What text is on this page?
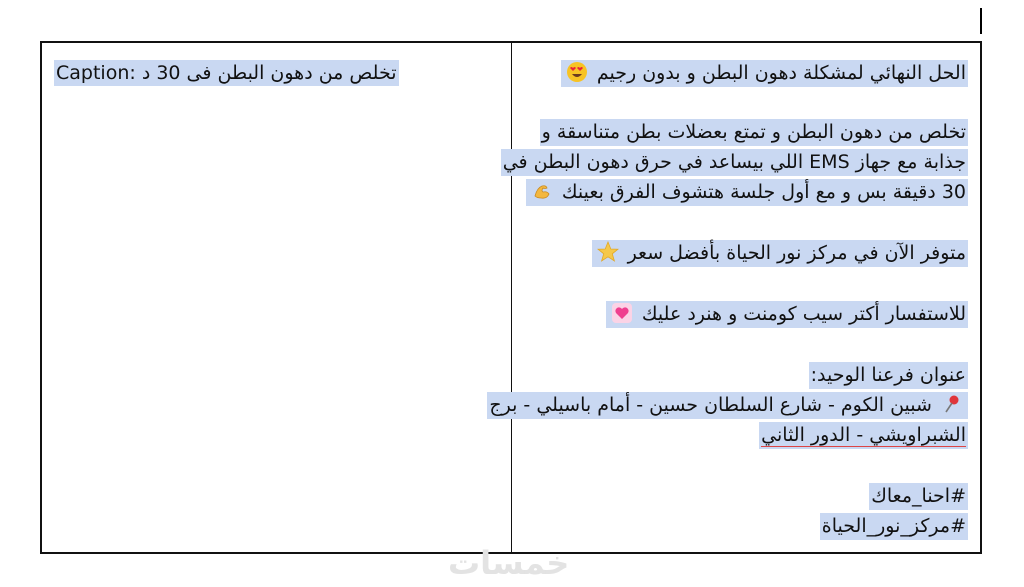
تخلص من دهون البطن فى 30 د :Caption	الحل النهائي لمشكلة دهون البطن و بدون رجيم
تخلص من دهون البطن و تمتع بعضلات بطن متناسقة و
جذابة مع جهاز EMS اللي بيساعد في حرق دهون البطن في
30 دقيقة بس و مع أول جلسة هتشوف الفرق بعينك
متوفر الآن في مركز نور الحياة بأفضل سعر
للاستفسار أكتر سيب كومنت و هنرد عليك
عنوان فرعنا الوحيد:
شبين الكوم - شارع السلطان حسين - أمام باسيلي - برج
الشبراويشي - الدور الثاني
#احنا_معاك
#مركز_نور_الحياة
خمسات
